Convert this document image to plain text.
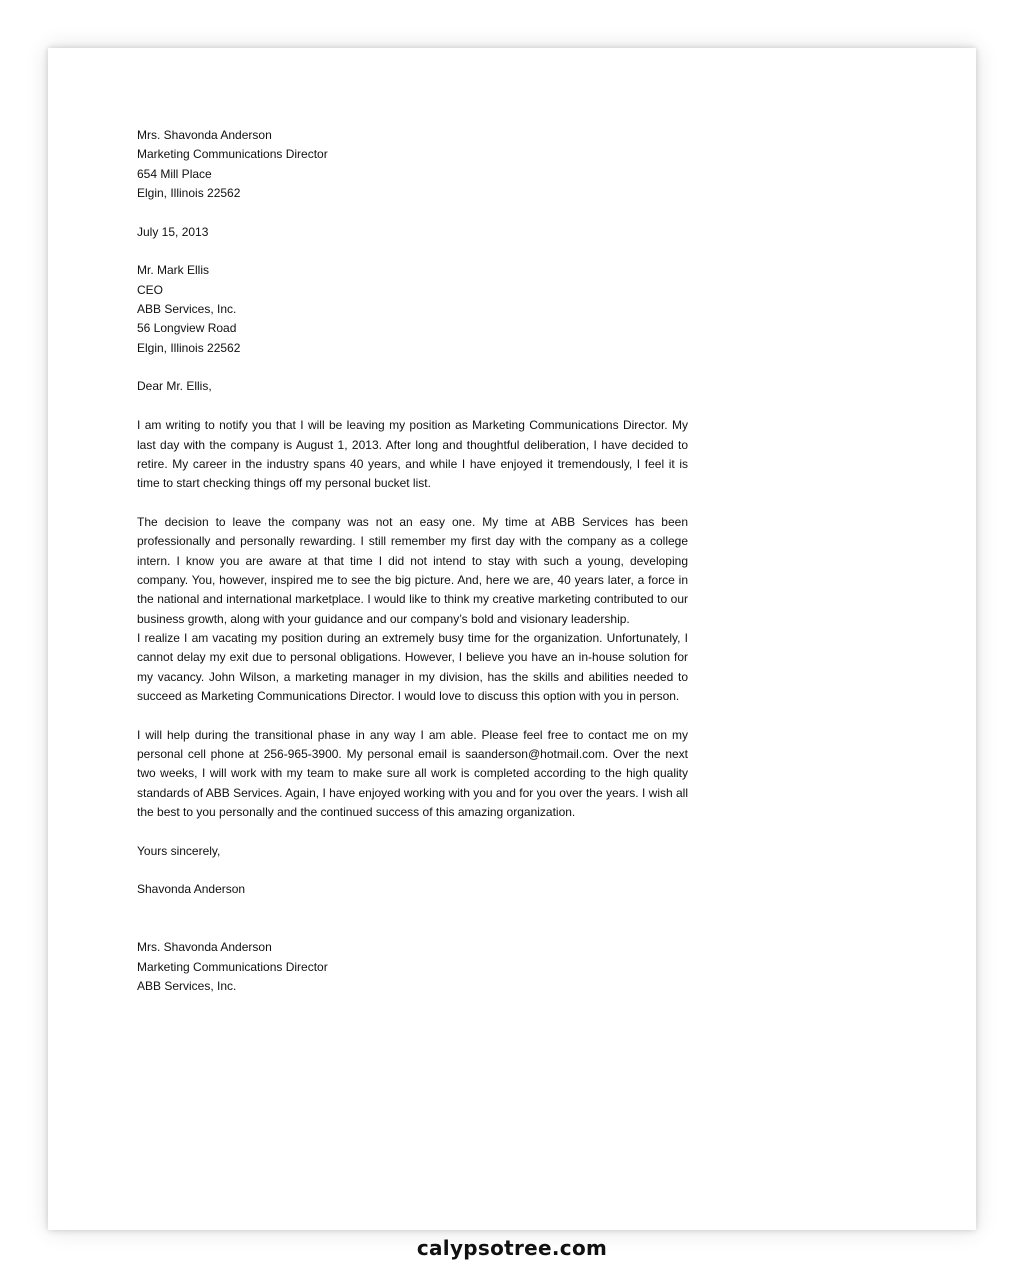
Mrs. Shavonda Anderson
Marketing Communications Director
654 Mill Place
Elgin, Illinois 22562
July 15, 2013
Mr. Mark Ellis
CEO
ABB Services, Inc.
56 Longview Road
Elgin, Illinois 22562
Dear Mr. Ellis,

I am writing to notify you that I will be leaving my position as Marketing Communications Director. My last day with the company is August 1, 2013. After long and thoughtful deliberation, I have decided to retire. My career in the industry spans 40 years, and while I have enjoyed it tremendously, I feel it is time to start checking things off my personal bucket list.

The decision to leave the company was not an easy one. My time at ABB Services has been professionally and personally rewarding. I still remember my first day with the company as a college intern. I know you are aware at that time I did not intend to stay with such a young, developing company. You, however, inspired me to see the big picture. And, here we are, 40 years later, a force in the national and international marketplace. I would like to think my creative marketing contributed to our business growth, along with your guidance and our company’s bold and visionary leadership.

I realize I am vacating my position during an extremely busy time for the organization. Unfortunately, I cannot delay my exit due to personal obligations. However, I believe you have an in-house solution for my vacancy. John Wilson, a marketing manager in my division, has the skills and abilities needed to succeed as Marketing Communications Director. I would love to discuss this option with you in person.

I will help during the transitional phase in any way I am able. Please feel free to contact me on my personal cell phone at 256-965-3900. My personal email is saanderson@hotmail.com. Over the next two weeks, I will work with my team to make sure all work is completed according to the high quality standards of ABB Services. Again, I have enjoyed working with you and for you over the years. I wish all the best to you personally and the continued success of this amazing organization.

Yours sincerely,
Shavonda Anderson
Mrs. Shavonda Anderson
Marketing Communications Director
ABB Services, Inc.
calypsotree.com
